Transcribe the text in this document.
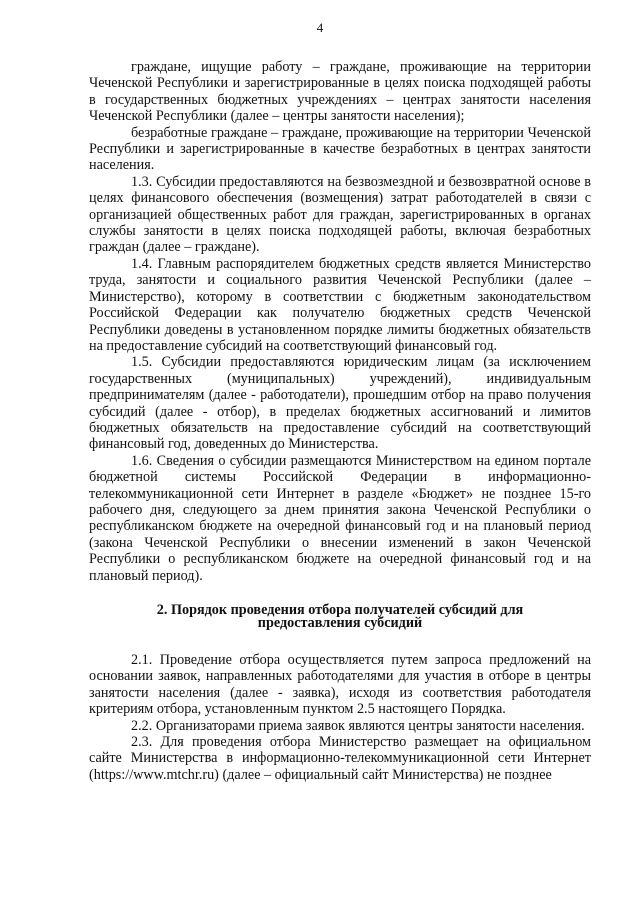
4

граждане, ищущие работу – граждане, проживающие на территории Чеченской Республики и зарегистрированные в целях поиска подходящей работы в государственных бюджетных учреждениях – центрах занятости населения Чеченской Республики (далее – центры занятости населения);

безработные граждане – граждане, проживающие на территории Чеченской Республики и зарегистрированные в качестве безработных в центрах занятости населения.

1.3. Субсидии предоставляются на безвозмездной и безвозвратной основе в целях финансового обеспечения (возмещения) затрат работодателей в связи с организацией общественных работ для граждан, зарегистрированных в органах службы занятости в целях поиска подходящей работы, включая безработных граждан (далее – граждане).

1.4. Главным распорядителем бюджетных средств является Министерство труда, занятости и социального развития Чеченской Республики (далее – Министерство), которому в соответствии с бюджетным законодательством Российской Федерации как получателю бюджетных средств Чеченской Республики доведены в установленном порядке лимиты бюджетных обязательств на предоставление субсидий на соответствующий финансовый год.

1.5. Субсидии предоставляются юридическим лицам (за исключением государственных (муниципальных) учреждений), индивидуальным предпринимателям (далее - работодатели), прошедшим отбор на право получения субсидий (далее - отбор), в пределах бюджетных ассигнований и лимитов бюджетных обязательств на предоставление субсидий на соответствующий финансовый год, доведенных до Министерства.

1.6. Сведения о субсидии размещаются Министерством на едином портале бюджетной системы Российской Федерации в информационно-телекоммуникационной сети Интернет в разделе «Бюджет» не позднее 15-го рабочего дня, следующего за днем принятия закона Чеченской Республики о республиканском бюджете на очередной финансовый год и на плановый период (закона Чеченской Республики о внесении изменений в закон Чеченской Республики о республиканском бюджете на очередной финансовый год и на плановый период).

2. Порядок проведения отбора получателей субсидий для
предоставления субсидий

2.1. Проведение отбора осуществляется путем запроса предложений на основании заявок, направленных работодателями для участия в отборе в центры занятости населения (далее - заявка), исходя из соответствия работодателя критериям отбора, установленным пунктом 2.5 настоящего Порядка.

2.2. Организаторами приема заявок являются центры занятости населения.

2.3. Для проведения отбора Министерство размещает на официальном сайте Министерства в информационно-телекоммуникационной сети Интернет (https://www.mtchr.ru) (далее – официальный сайт Министерства) не позднее
